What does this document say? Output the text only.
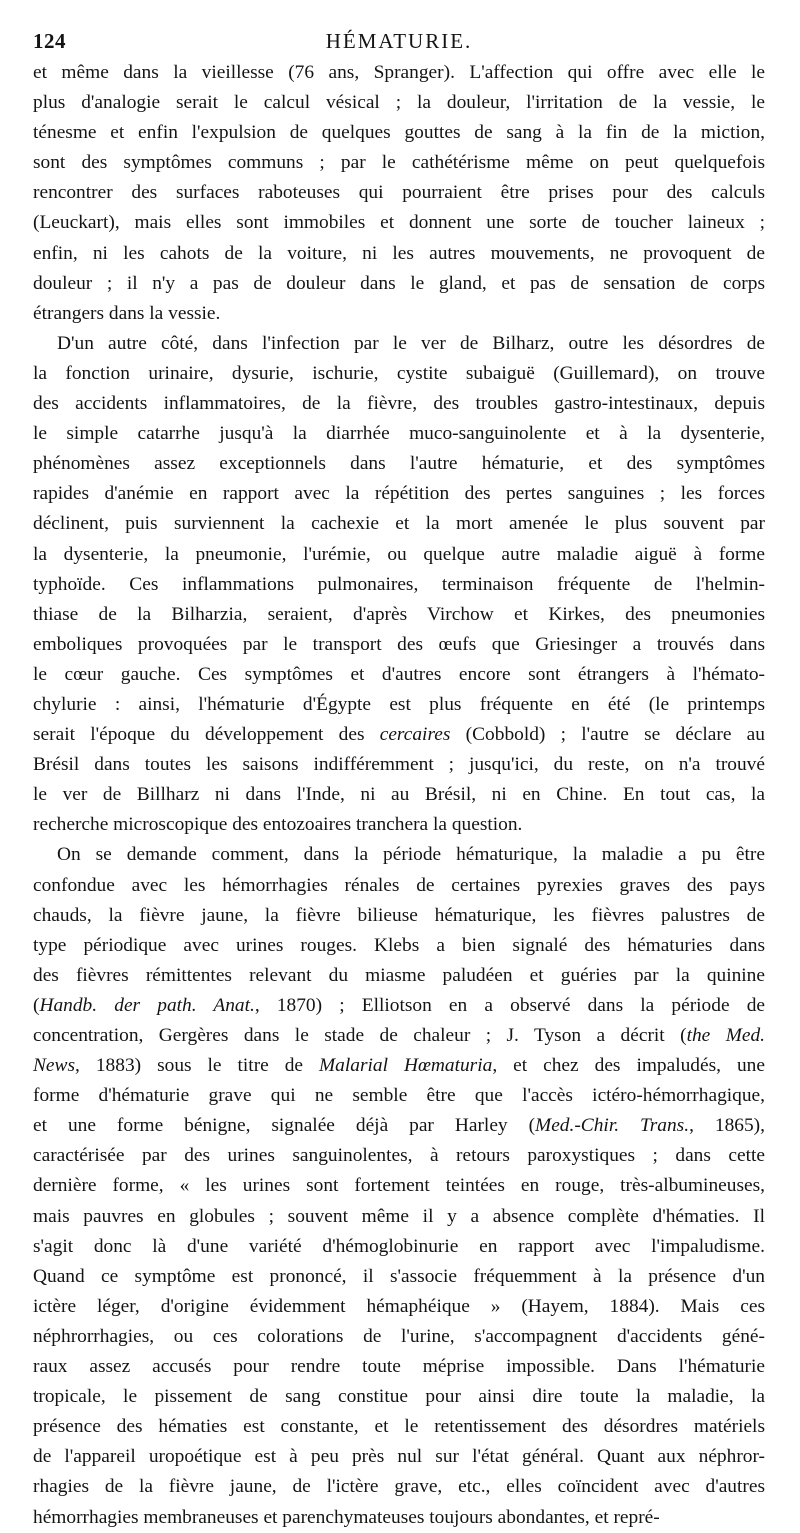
124	HÉMATURIE.
et même dans la vieillesse (76 ans, Spranger). L'affection qui offre avec elle le
plus d'analogie serait le calcul vésical ; la douleur, l'irritation de la vessie, le
ténesme et enfin l'expulsion de quelques gouttes de sang à la fin de la miction,
sont des symptômes communs ; par le cathétérisme même on peut quelquefois
rencontrer des surfaces raboteuses qui pourraient être prises pour des calculs
(Leuckart), mais elles sont immobiles et donnent une sorte de toucher laineux ;
enfin, ni les cahots de la voiture, ni les autres mouvements, ne provoquent de
douleur ; il n'y a pas de douleur dans le gland, et pas de sensation de corps
étrangers dans la vessie.
D'un autre côté, dans l'infection par le ver de Bilharz, outre les désordres de
la fonction urinaire, dysurie, ischurie, cystite subaiguë (Guillemard), on trouve
des accidents inflammatoires, de la fièvre, des troubles gastro-intestinaux, depuis
le simple catarrhe jusqu'à la diarrhée muco-sanguinolente et à la dysenterie,
phénomènes assez exceptionnels dans l'autre hématurie, et des symptômes
rapides d'anémie en rapport avec la répétition des pertes sanguines ; les forces
déclinent, puis surviennent la cachexie et la mort amenée le plus souvent par
la dysenterie, la pneumonie, l'urémie, ou quelque autre maladie aiguë à forme
typhoïde. Ces inflammations pulmonaires, terminaison fréquente de l'helmin-
thiase de la Bilharzia, seraient, d'après Virchow et Kirkes, des pneumonies
emboliques provoquées par le transport des œufs que Griesinger a trouvés dans
le cœur gauche. Ces symptômes et d'autres encore sont étrangers à l'hémato-
chylurie : ainsi, l'hématurie d'Égypte est plus fréquente en été (le printemps
serait l'époque du développement des cercaires (Cobbold) ; l'autre se déclare au
Brésil dans toutes les saisons indifféremment ; jusqu'ici, du reste, on n'a trouvé
le ver de Billharz ni dans l'Inde, ni au Brésil, ni en Chine. En tout cas, la
recherche microscopique des entozoaires tranchera la question.
On se demande comment, dans la période hématurique, la maladie a pu être
confondue avec les hémorrhagies rénales de certaines pyrexies graves des pays
chauds, la fièvre jaune, la fièvre bilieuse hématurique, les fièvres palustres de
type périodique avec urines rouges. Klebs a bien signalé des hématuries dans
des fièvres rémittentes relevant du miasme paludéen et guéries par la quinine
(Handb. der path. Anat., 1870) ; Elliotson en a observé dans la période de
concentration, Gergères dans le stade de chaleur ; J. Tyson a décrit (the Med.
News, 1883) sous le titre de Malarial Hœmaturia, et chez des impaludés, une
forme d'hématurie grave qui ne semble être que l'accès ictéro-hémorrhagique,
et une forme bénigne, signalée déjà par Harley (Med.-Chir. Trans., 1865),
caractérisée par des urines sanguinolentes, à retours paroxystiques ; dans cette
dernière forme, « les urines sont fortement teintées en rouge, très-albumineuses,
mais pauvres en globules ; souvent même il y a absence complète d'hématies. Il
s'agit donc là d'une variété d'hémoglobinurie en rapport avec l'impaludisme.
Quand ce symptôme est prononcé, il s'associe fréquemment à la présence d'un
ictère léger, d'origine évidemment hémaphéique » (Hayem, 1884). Mais ces
néphrorrhagies, ou ces colorations de l'urine, s'accompagnent d'accidents géné-
raux assez accusés pour rendre toute méprise impossible. Dans l'hématurie
tropicale, le pissement de sang constitue pour ainsi dire toute la maladie, la
présence des hématies est constante, et le retentissement des désordres matériels
de l'appareil uropoétique est à peu près nul sur l'état général. Quant aux néphror-
rhagies de la fièvre jaune, de l'ictère grave, etc., elles coïncident avec d'autres
hémorrhagies membraneuses et parenchymateuses toujours abondantes, et repré-
